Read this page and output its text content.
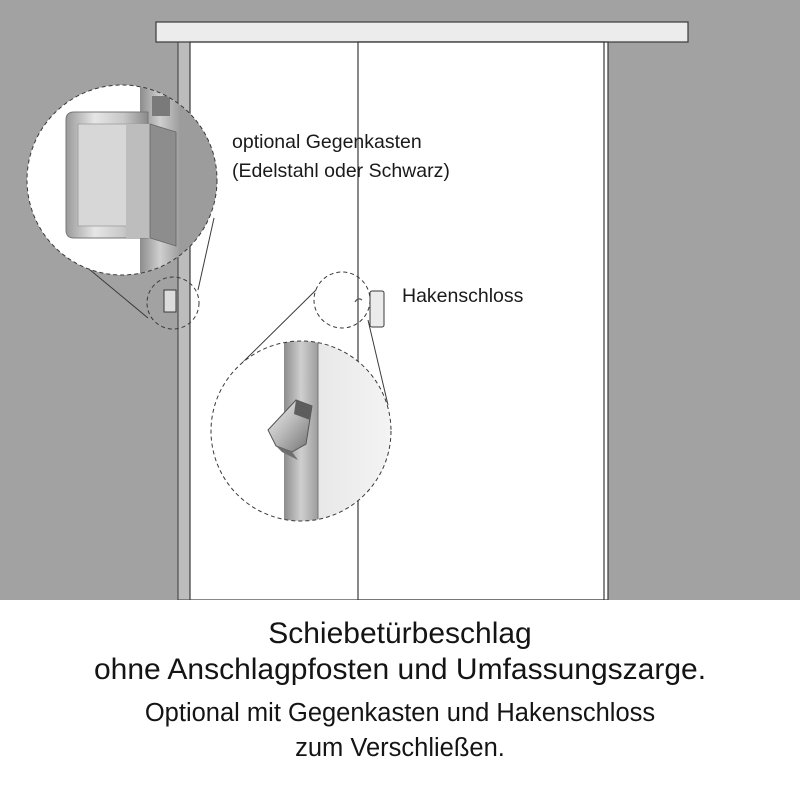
optional Gegenkasten
(Edelstahl oder Schwarz)
Hakenschloss
Schiebetürbeschlag
ohne Anschlagpfosten und Umfassungszarge.
Optional mit Gegenkasten und Hakenschloss
zum Verschließen.
